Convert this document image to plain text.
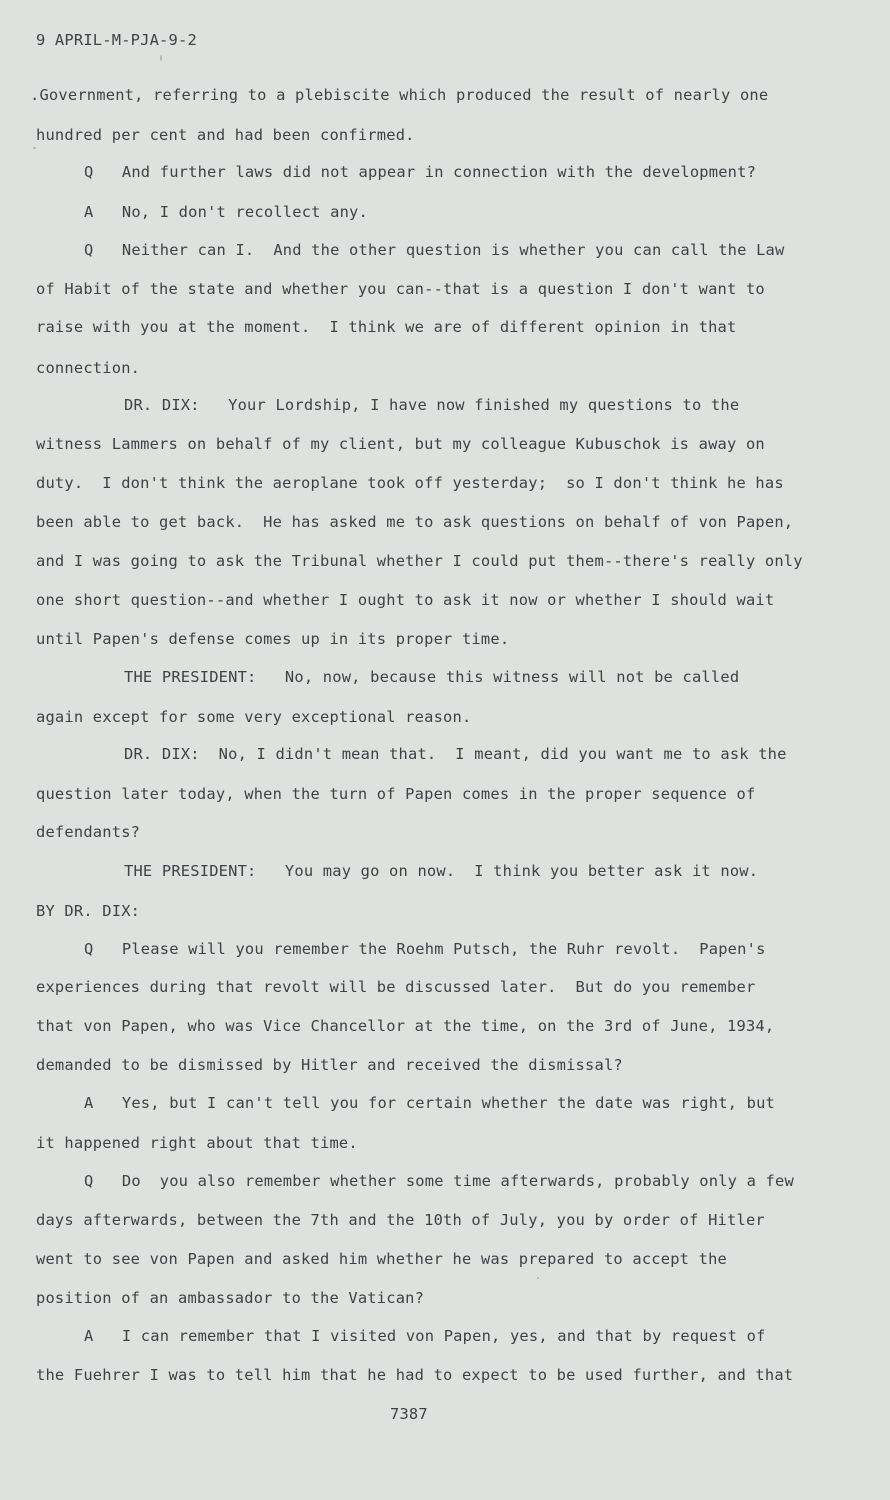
9 APRIL-M-PJA-9-2
.Government, referring to a plebiscite which produced the result of nearly one
hundred per cent and had been confirmed.
Q   And further laws did not appear in connection with the development?
A   No, I don't recollect any.
Q   Neither can I.  And the other question is whether you can call the Law
of Habit of the state and whether you can--that is a question I don't want to
raise with you at the moment.  I think we are of different opinion in that
connection.
DR. DIX:   Your Lordship, I have now finished my questions to the
witness Lammers on behalf of my client, but my colleague Kubuschok is away on
duty.  I don't think the aeroplane took off yesterday;  so I don't think he has
been able to get back.  He has asked me to ask questions on behalf of von Papen,
and I was going to ask the Tribunal whether I could put them--there's really only
one short question--and whether I ought to ask it now or whether I should wait
until Papen's defense comes up in its proper time.
THE PRESIDENT:   No, now, because this witness will not be called
again except for some very exceptional reason.
DR. DIX:  No, I didn't mean that.  I meant, did you want me to ask the
question later today, when the turn of Papen comes in the proper sequence of
defendants?
THE PRESIDENT:   You may go on now.  I think you better ask it now.
BY DR. DIX:
Q   Please will you remember the Roehm Putsch, the Ruhr revolt.  Papen's
experiences during that revolt will be discussed later.  But do you remember
that von Papen, who was Vice Chancellor at the time, on the 3rd of June, 1934,
demanded to be dismissed by Hitler and received the dismissal?
A   Yes, but I can't tell you for certain whether the date was right, but
it happened right about that time.
Q   Do  you also remember whether some time afterwards, probably only a few
days afterwards, between the 7th and the 10th of July, you by order of Hitler
went to see von Papen and asked him whether he was prepared to accept the
position of an ambassador to the Vatican?
A   I can remember that I visited von Papen, yes, and that by request of
the Fuehrer I was to tell him that he had to expect to be used further, and that
7387
